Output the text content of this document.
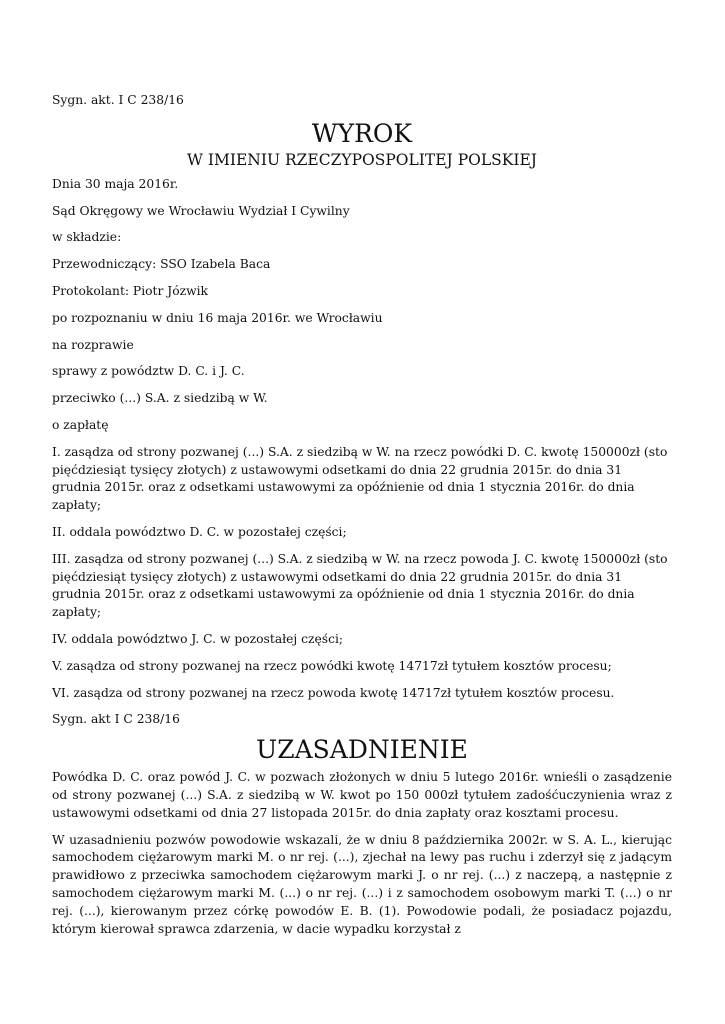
Sygn. akt. I C 238/16

WYROK
W IMIENIU RZECZYPOSPOLITEJ POLSKIEJ

Dnia 30 maja 2016r.

Sąd Okręgowy we Wrocławiu Wydział I Cywilny

w składzie:

Przewodniczący: SSO Izabela Baca

Protokolant: Piotr Józwik

po rozpoznaniu w dniu 16 maja 2016r. we Wrocławiu

na rozprawie

sprawy z powództw D. C. i J. C.

przeciwko (...) S.A. z siedzibą w W.

o zapłatę

I. zasądza od strony pozwanej (...) S.A. z siedzibą w W. na rzecz powódki D. C. kwotę 150000zł (sto pięćdziesiąt tysięcy złotych) z ustawowymi odsetkami do dnia 22 grudnia 2015r. do dnia 31 grudnia 2015r. oraz z odsetkami ustawowymi za opóźnienie od dnia 1 stycznia 2016r. do dnia zapłaty;

II. oddala powództwo D. C. w pozostałej części;

III. zasądza od strony pozwanej (...) S.A. z siedzibą w W. na rzecz powoda J. C. kwotę 150000zł (sto pięćdziesiąt tysięcy złotych) z ustawowymi odsetkami do dnia 22 grudnia 2015r. do dnia 31 grudnia 2015r. oraz z odsetkami ustawowymi za opóźnienie od dnia 1 stycznia 2016r. do dnia zapłaty;

IV. oddala powództwo J. C. w pozostałej części;

V. zasądza od strony pozwanej na rzecz powódki kwotę 14717zł tytułem kosztów procesu;

VI. zasądza od strony pozwanej na rzecz powoda kwotę 14717zł tytułem kosztów procesu.

Sygn. akt I C 238/16

UZASADNIENIE

Powódka D. C. oraz powód J. C. w pozwach złożonych w dniu 5 lutego 2016r. wnieśli o zasądzenie od strony pozwanej (...) S.A. z siedzibą w W. kwot po 150 000zł tytułem zadośćuczynienia wraz z ustawowymi odsetkami od dnia 27 listopada 2015r. do dnia zapłaty oraz kosztami procesu.

W uzasadnieniu pozwów powodowie wskazali, że w dniu 8 października 2002r. w S. A. L., kierując samochodem ciężarowym marki M. o nr rej. (...), zjechał na lewy pas ruchu i zderzył się z jadącym prawidłowo z przeciwka samochodem ciężarowym marki J. o nr rej. (...) z naczepą, a następnie z samochodem ciężarowym marki M. (...) o nr rej. (...) i z samochodem osobowym marki T. (...) o nr rej. (...), kierowanym przez córkę powodów E. B. (1). Powodowie podali, że posiadacz pojazdu, którym kierował sprawca zdarzenia, w dacie wypadku korzystał z
